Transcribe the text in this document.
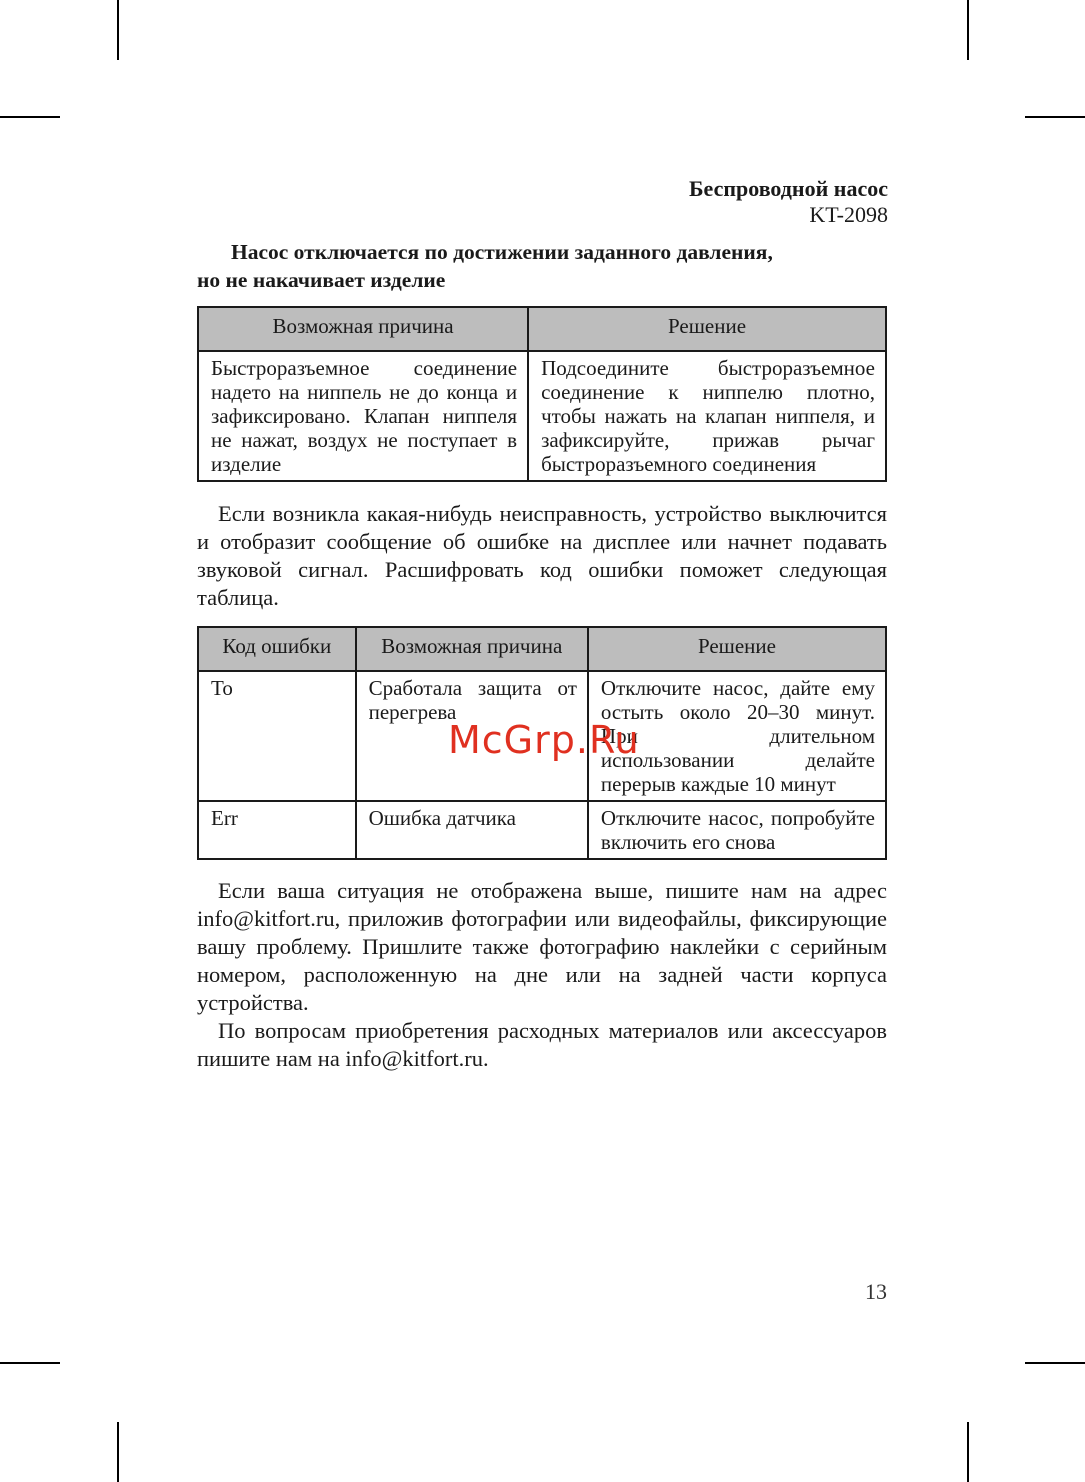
Беспроводной насос
KT-2098
Насос отключается по достижении заданного давления,
но не накачивает изделие
Возможная причина	Решение
Быстроразъемное соединение надето на ниппель не до конца и зафиксировано. Клапан ниппеля не нажат, воздух не поступает в изделие	Подсоедините быстроразъемное соединение к ниппелю плотно, чтобы нажать на клапан ниппеля, и зафиксируйте, прижав рычаг быстроразъемного соединения

Если возникла какая-нибудь неисправность, устройство выключится и отобразит сообщение об ошибке на дисплее или начнет подавать звуковой сигнал. Расшифровать код ошибки поможет следующая таблица.

Код ошибки	Возможная причина	Решение
To	Сработала защита от перегрева	Отключите насос, дайте ему остыть около 20–30 минут. При длительном использовании делайте перерыв каждые 10 минут
Err	Ошибка датчика	Отключите насос, попробуйте включить его снова

Если ваша ситуация не отображена выше, пишите нам на адрес info@kitfort.ru, приложив фотографии или видеофайлы, фиксирующие вашу проблему. Пришлите также фотографию наклейки с серийным номером, расположенную на дне или на задней части корпуса устройства.

По вопросам приобретения расходных материалов или аксессуаров пишите нам на info@kitfort.ru.

McGrp.Ru
13
